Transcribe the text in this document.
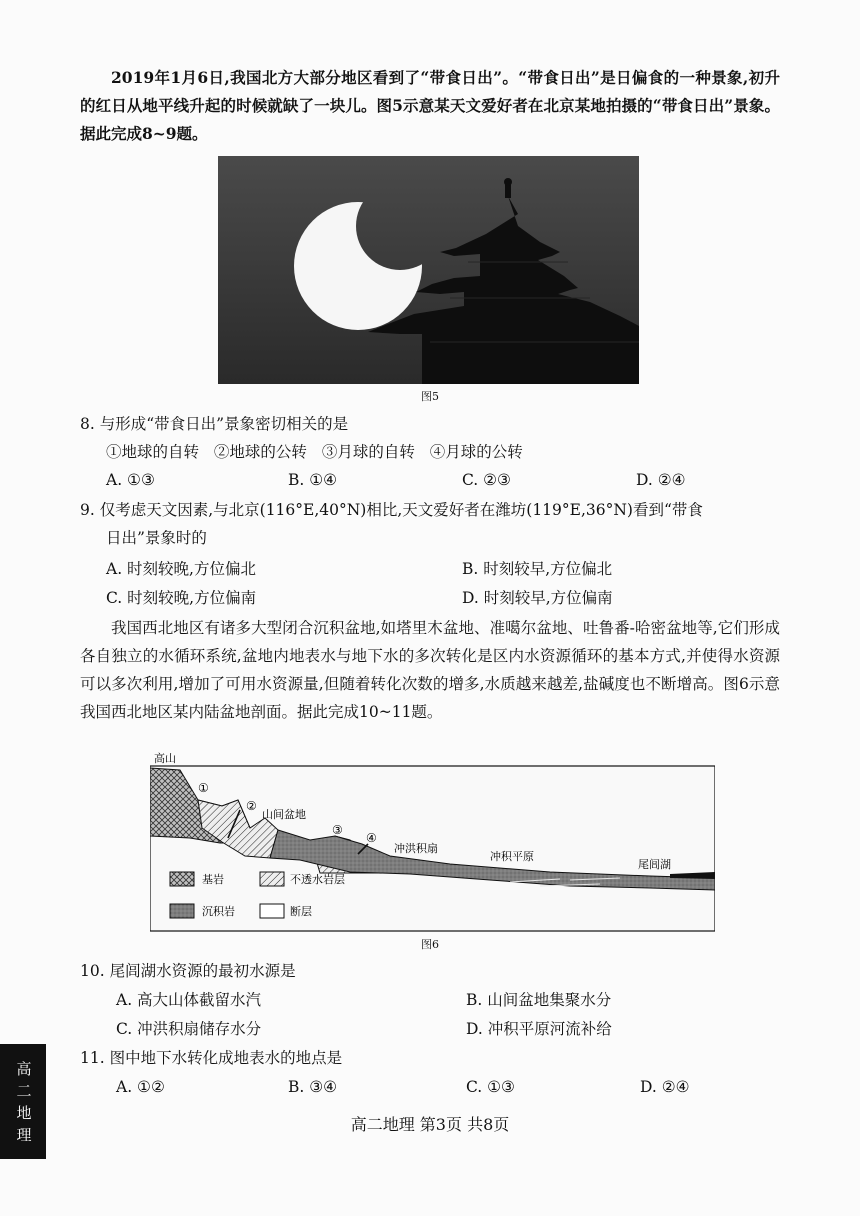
2019年1月6日,我国北方大部分地区看到了“带食日出”。“带食日出”是日偏食的一种景象,初升的红日从地平线升起的时候就缺了一块儿。图5示意某天文爱好者在北京某地拍摄的“带食日出”景象。据此完成8~9题。
图5
8. 与形成“带食日出”景象密切相关的是
①地球的自转 ②地球的公转 ③月球的自转 ④月球的公转
A. ①③	B. ①④	C. ②③	D. ②④
9. 仅考虑天文因素,与北京(116°E,40°N)相比,天文爱好者在潍坊(119°E,36°N)看到“带食
日出”景象时的
A. 时刻较晚,方位偏北	B. 时刻较早,方位偏北
C. 时刻较晚,方位偏南	D. 时刻较早,方位偏南
我国西北地区有诸多大型闭合沉积盆地,如塔里木盆地、准噶尔盆地、吐鲁番-哈密盆地等,它们形成各自独立的水循环系统,盆地内地表水与地下水的多次转化是区内水资源循环的基本方式,并使得水资源可以多次利用,增加了可用水资源量,但随着转化次数的增多,水质越来越差,盐碱度也不断增高。图6示意我国西北地区某内陆盆地剖面。据此完成10~11题。
高山
山间盆地
冲洪积扇
冲积平原
尾闾湖
①
②
③
④
基岩	不透水岩层
沉积岩	断层
图6
10. 尾闾湖水资源的最初水源是
A. 高大山体截留水汽	B. 山间盆地集聚水分
C. 冲洪积扇储存水分	D. 冲积平原河流补给
11. 图中地下水转化成地表水的地点是
A. ①②	B. ③④	C. ①③	D. ②④
高二地理 第3页 共8页
高二地理
